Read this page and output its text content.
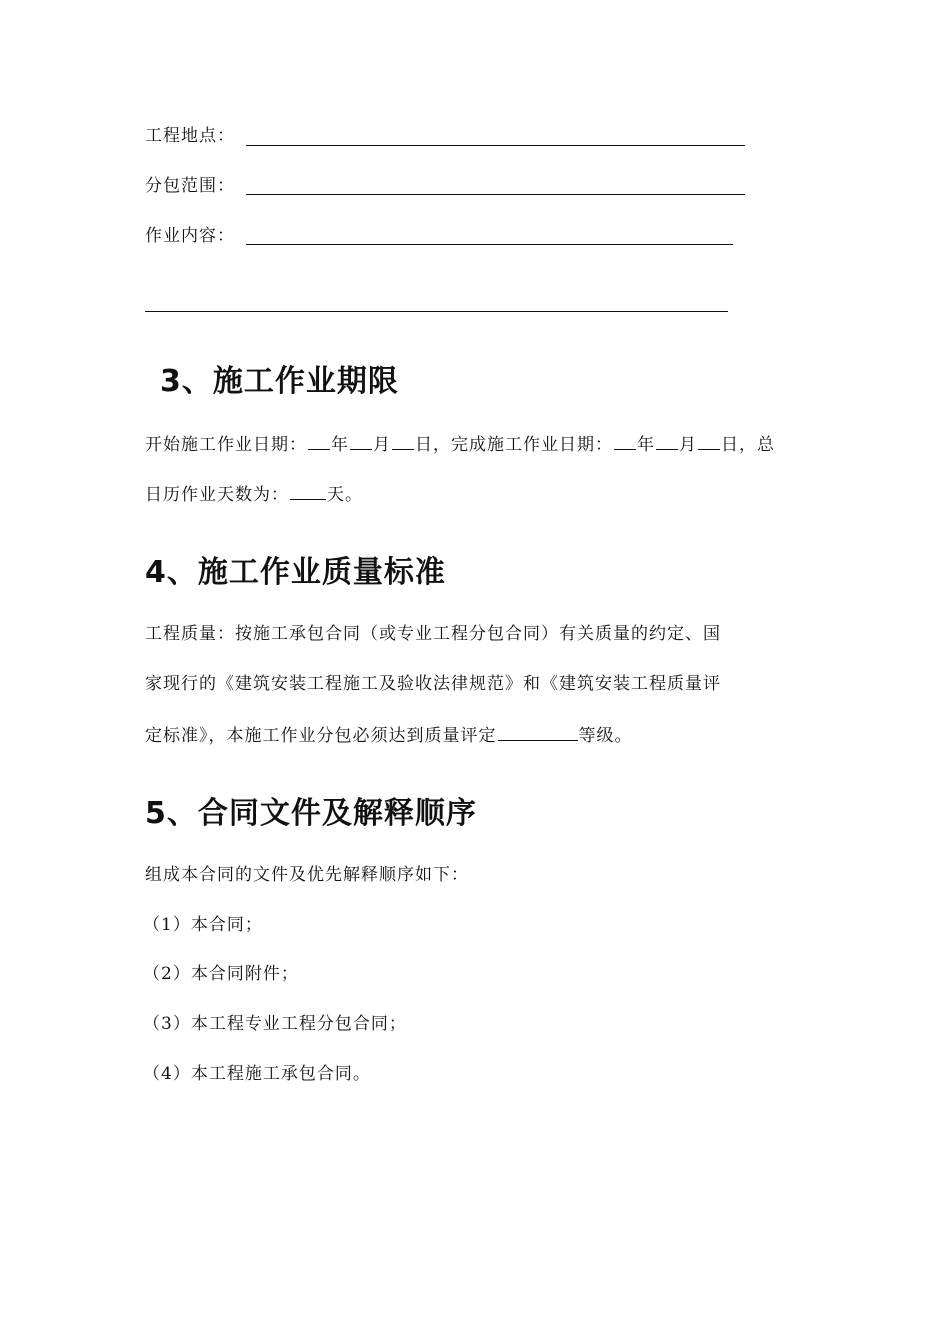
工程地点：
分包范围：
作业内容：
3、施工作业期限
开始施工作业日期： 年 月 日，完成施工作业日期： 年 月 日，总
日历作业天数为： 天。
4、施工作业质量标准
工程质量：按施工承包合同（或专业工程分包合同）有关质量的约定、国
家现行的《建筑安装工程施工及验收法律规范》和《建筑安装工程质量评
定标准》，本施工作业分包必须达到质量评定	等级。
5、合同文件及解释顺序
组成本合同的文件及优先解释顺序如下：
（1）本合同；
（2）本合同附件；
（3）本工程专业工程分包合同；
（4）本工程施工承包合同。
